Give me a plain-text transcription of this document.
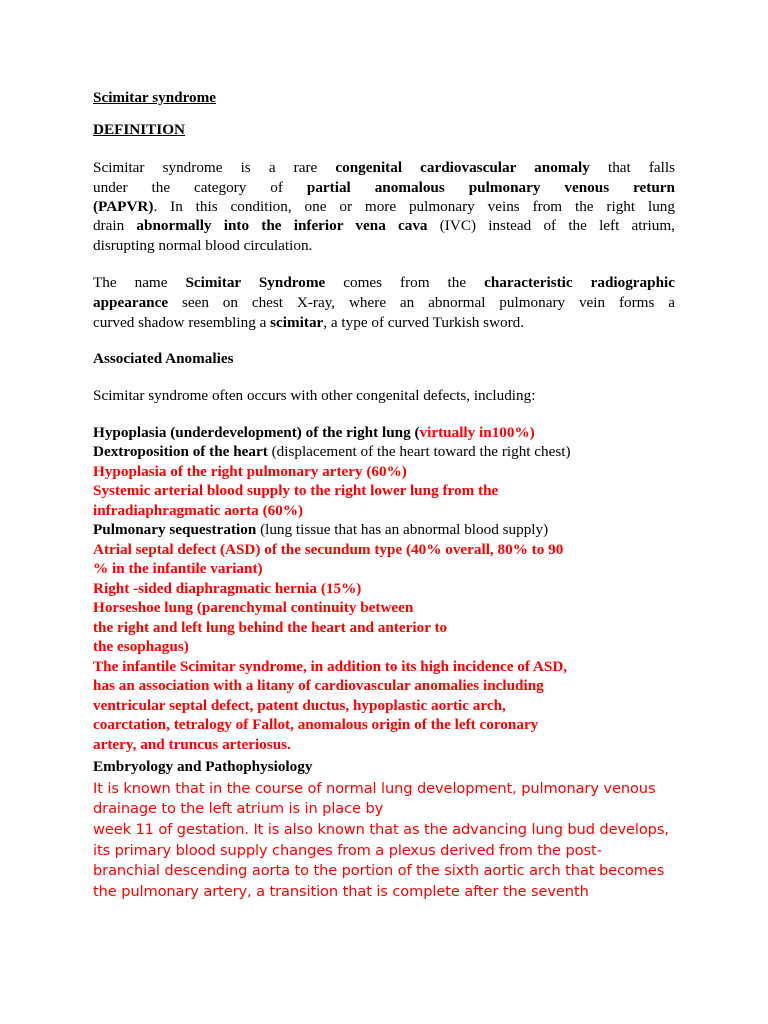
Scimitar syndrome
DEFINITION
Scimitar syndrome is a rare congenital cardiovascular anomaly that falls
under the category of partial anomalous pulmonary venous return
(PAPVR). In this condition, one or more pulmonary veins from the right lung
drain abnormally into the inferior vena cava (IVC) instead of the left atrium,
disrupting normal blood circulation.
The name Scimitar Syndrome comes from the characteristic radiographic
appearance seen on chest X-ray, where an abnormal pulmonary vein forms a
curved shadow resembling a scimitar, a type of curved Turkish sword.
Associated Anomalies
Scimitar syndrome often occurs with other congenital defects, including:
Hypoplasia (underdevelopment) of the right lung (virtually in100%)
Dextroposition of the heart (displacement of the heart toward the right chest)
Hypoplasia of the right pulmonary artery (60%)
Systemic arterial blood supply to the right lower lung from the
infradiaphragmatic aorta (60%)
Pulmonary sequestration (lung tissue that has an abnormal blood supply)
Atrial septal defect (ASD) of the secundum type (40% overall, 80% to 90
% in the infantile variant)
Right -sided diaphragmatic hernia (15%)
Horseshoe lung (parenchymal continuity between
the right and left lung behind the heart and anterior to
the esophagus)
The infantile Scimitar syndrome, in addition to its high incidence of ASD,
has an association with a litany of cardiovascular anomalies including
ventricular septal defect, patent ductus, hypoplastic aortic arch,
coarctation, tetralogy of Fallot, anomalous origin of the left coronary
artery, and truncus arteriosus.
Embryology and Pathophysiology
It is known that in the course of normal lung development, pulmonary venous
drainage to the left atrium is in place by
week 11 of gestation. It is also known that as the advancing lung bud develops,
its primary blood supply changes from a plexus derived from the post-
branchial descending aorta to the portion of the sixth aortic arch that becomes
the pulmonary artery, a transition that is complete after the seventh
